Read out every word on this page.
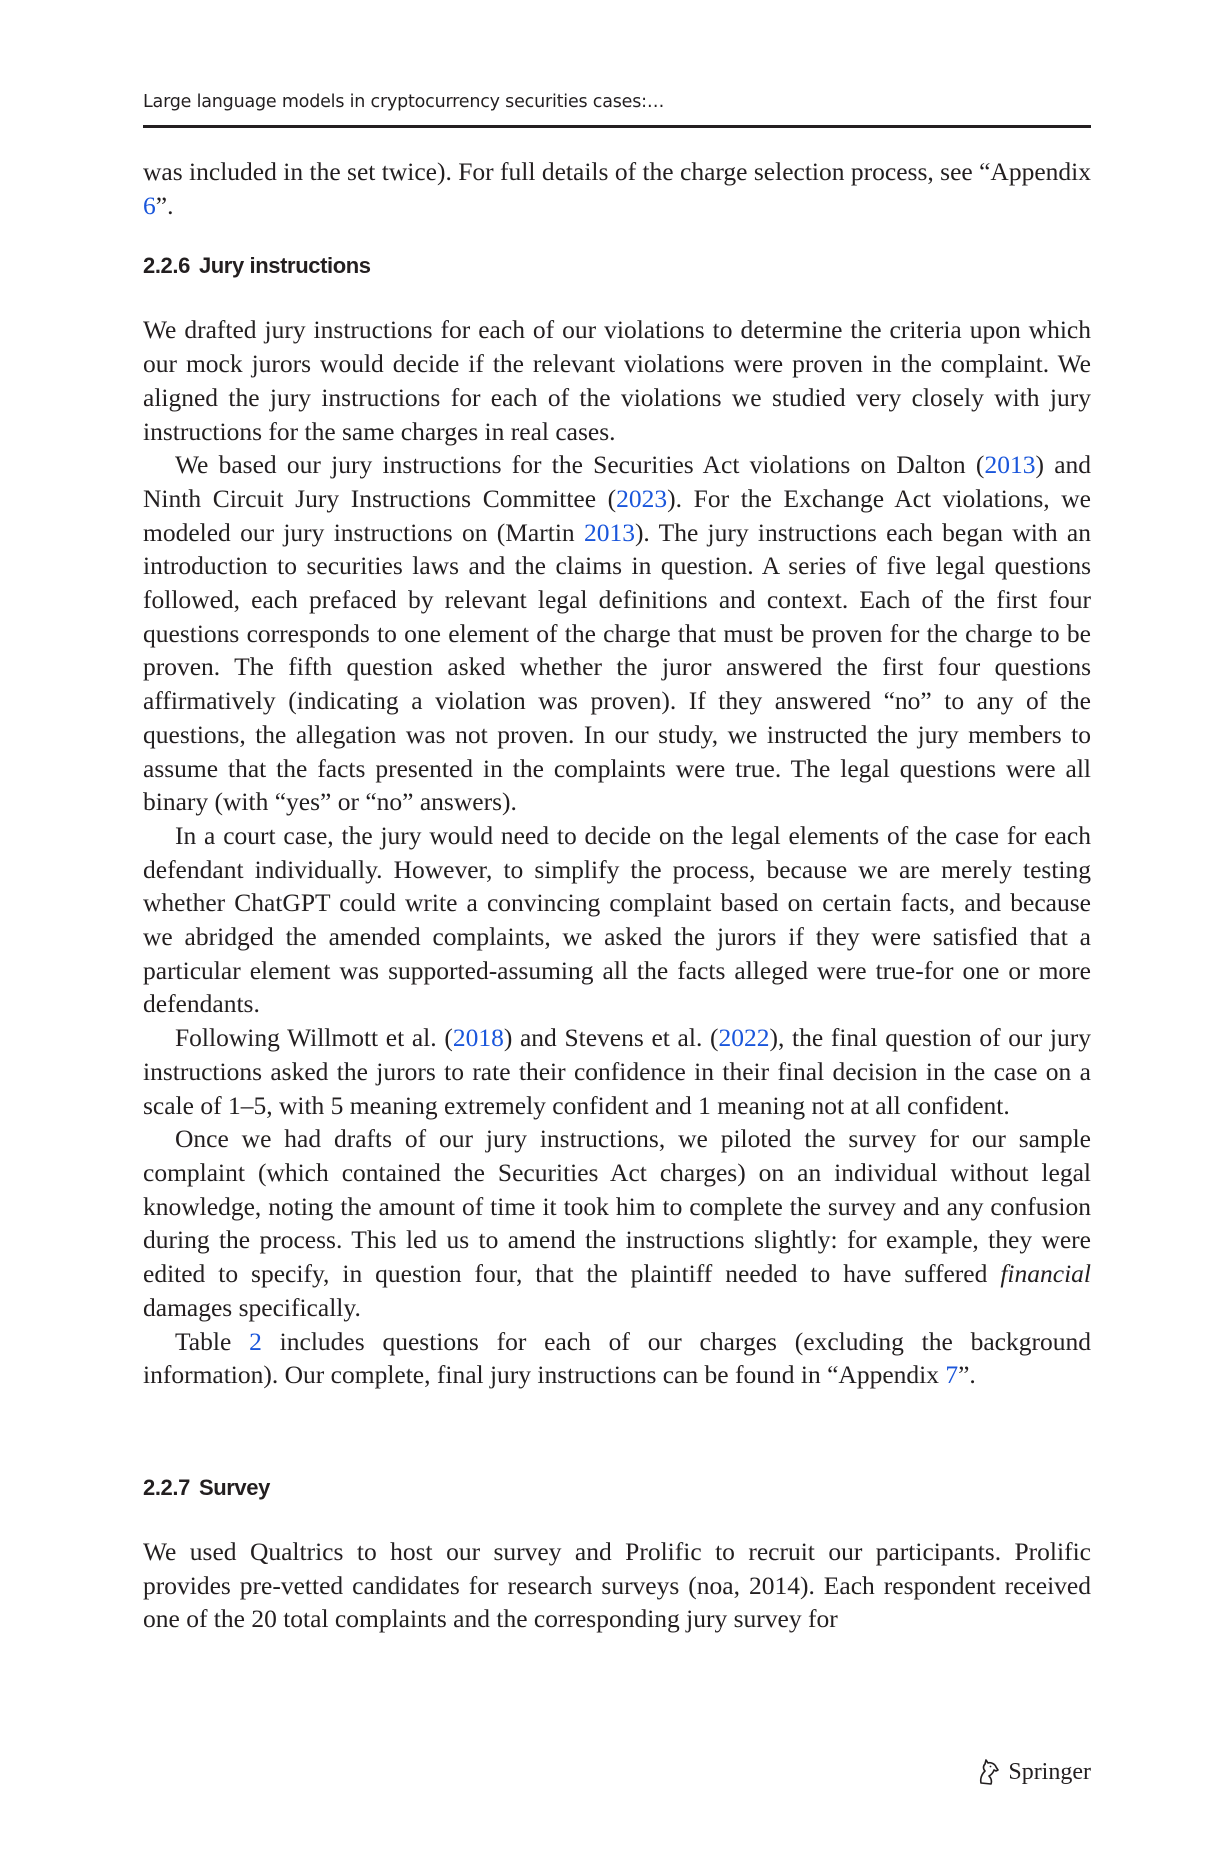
Large language models in cryptocurrency securities cases:…

was included in the set twice). For full details of the charge selection process, see “Appendix 6”.

2.2.6 Jury instructions

We drafted jury instructions for each of our violations to determine the criteria upon which our mock jurors would decide if the relevant violations were proven in the complaint. We aligned the jury instructions for each of the violations we studied very closely with jury instructions for the same charges in real cases.

We based our jury instructions for the Securities Act violations on Dalton (2013) and Ninth Circuit Jury Instructions Committee (2023). For the Exchange Act violations, we modeled our jury instructions on (Martin 2013). The jury instructions each began with an introduction to securities laws and the claims in question. A series of five legal questions followed, each prefaced by relevant legal definitions and context. Each of the first four questions corresponds to one element of the charge that must be proven for the charge to be proven. The fifth question asked whether the juror answered the first four questions affirmatively (indicating a violation was proven). If they answered “no” to any of the questions, the allegation was not proven. In our study, we instructed the jury members to assume that the facts presented in the complaints were true. The legal questions were all binary (with “yes” or “no” answers).

In a court case, the jury would need to decide on the legal elements of the case for each defendant individually. However, to simplify the process, because we are merely testing whether ChatGPT could write a convincing complaint based on certain facts, and because we abridged the amended complaints, we asked the jurors if they were satisfied that a particular element was supported-assuming all the facts alleged were true-for one or more defendants.

Following Willmott et al. (2018) and Stevens et al. (2022), the final question of our jury instructions asked the jurors to rate their confidence in their final decision in the case on a scale of 1–5, with 5 meaning extremely confident and 1 meaning not at all confident.

Once we had drafts of our jury instructions, we piloted the survey for our sample complaint (which contained the Securities Act charges) on an individual without legal knowledge, noting the amount of time it took him to complete the survey and any confusion during the process. This led us to amend the instructions slightly: for example, they were edited to specify, in question four, that the plaintiff needed to have suffered financial damages specifically.

Table 2 includes questions for each of our charges (excluding the background information). Our complete, final jury instructions can be found in “Appendix 7”.

2.2.7 Survey

We used Qualtrics to host our survey and Prolific to recruit our participants. Prolific provides pre-vetted candidates for research surveys (noa, 2014). Each respondent received one of the 20 total complaints and the corresponding jury survey for

Springer
